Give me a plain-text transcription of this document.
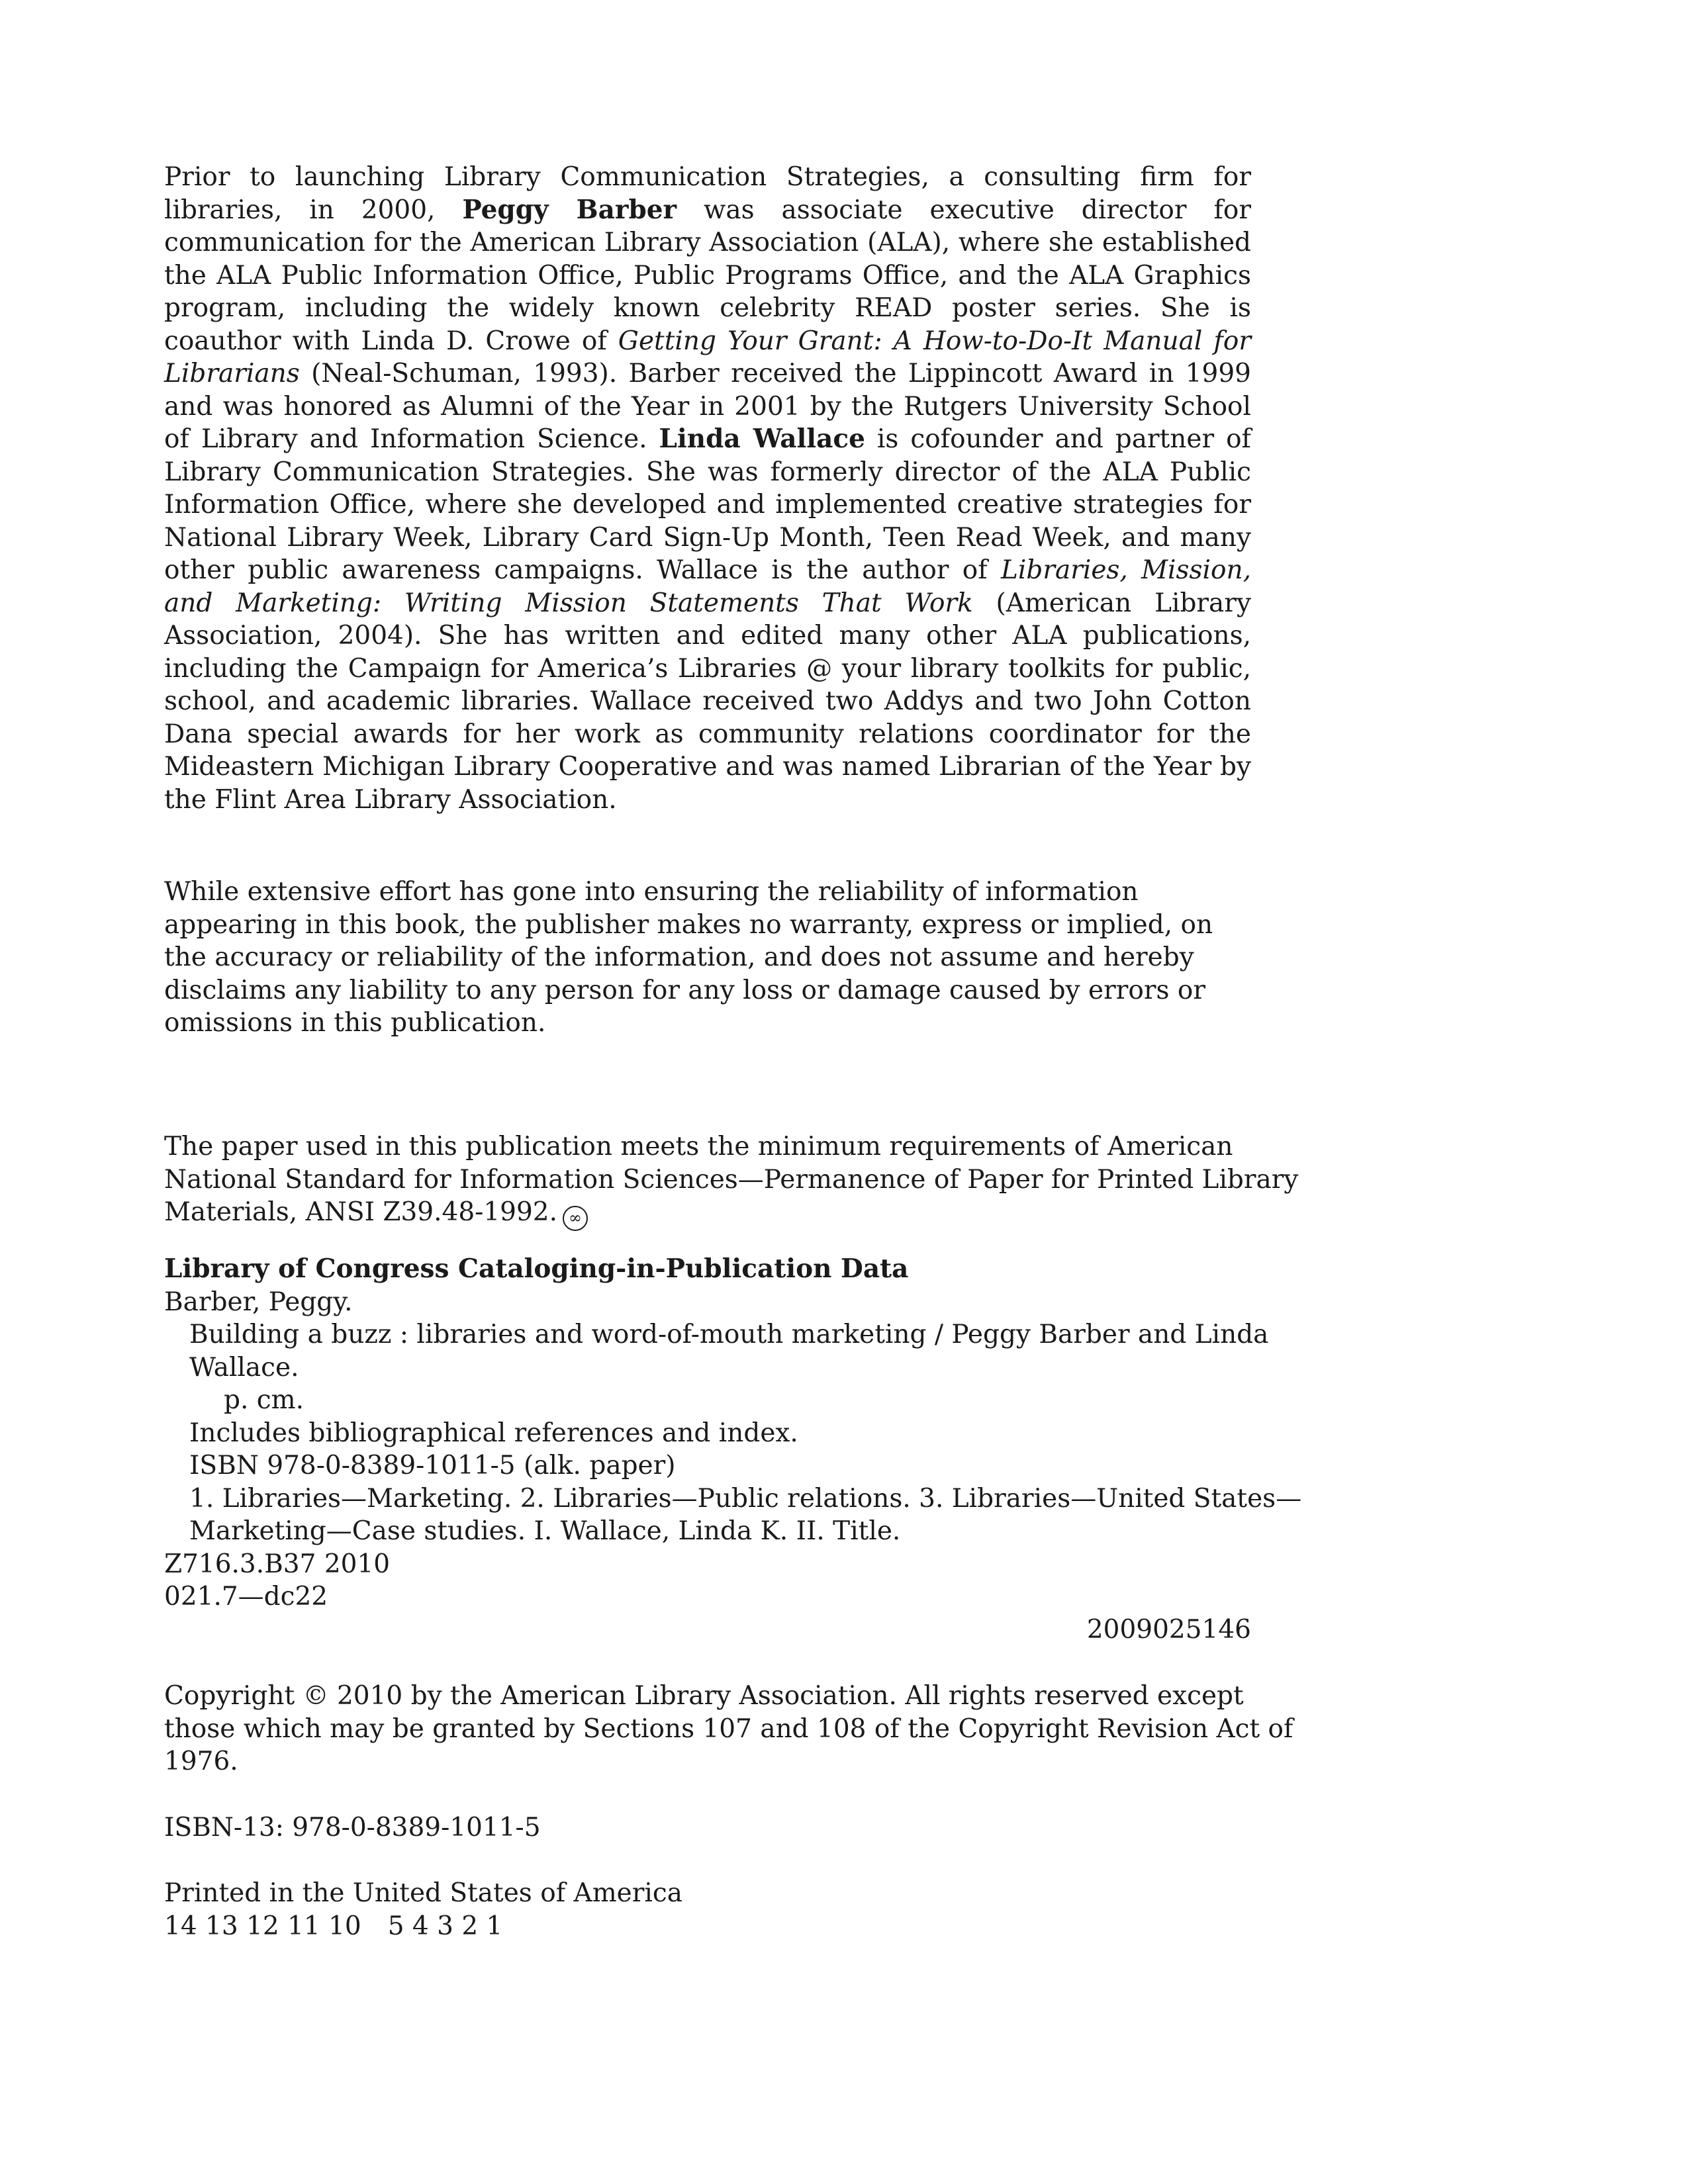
Prior to launching Library Communication Strategies, a consulting firm for libraries, in 2000, Peggy Barber was associate executive director for communication for the American Library Association (ALA), where she established the ALA Public Information Office, Public Programs Office, and the ALA Graphics program, including the widely known celebrity READ poster series. She is coauthor with Linda D. Crowe of Getting Your Grant: A How-to-Do-It Manual for Librarians (Neal-Schuman, 1993). Barber received the Lippincott Award in 1999 and was honored as Alumni of the Year in 2001 by the Rutgers University School of Library and Information Science. Linda Wallace is cofounder and partner of Library Communication Strategies. She was formerly director of the ALA Public Information Office, where she developed and implemented creative strategies for National Library Week, Library Card Sign-Up Month, Teen Read Week, and many other public awareness campaigns. Wallace is the author of Libraries, Mission, and Marketing: Writing Mission Statements That Work (American Library Association, 2004). She has written and edited many other ALA publications, including the Campaign for America’s Libraries @ your library toolkits for public, school, and academic libraries. Wallace received two Addys and two John Cotton Dana special awards for her work as community relations coordinator for the Mideastern Michigan Library Cooperative and was named Librarian of the Year by the Flint Area Library Association.

While extensive effort has gone into ensuring the reliability of information appearing in this book, the publisher makes no warranty, express or implied, on the accuracy or reliability of the information, and does not assume and hereby disclaims any liability to any person for any loss or damage caused by errors or omissions in this publication.

The paper used in this publication meets the minimum requirements of American
National Standard for Information Sciences—Permanence of Paper for Printed Library
Materials, ANSI Z39.48-1992. ∞
Library of Congress Cataloging-in-Publication Data
Barber, Peggy.
Building a buzz : libraries and word-of-mouth marketing / Peggy Barber and Linda
Wallace.
p. cm.
Includes bibliographical references and index.
ISBN 978-0-8389-1011-5 (alk. paper)
1. Libraries—Marketing. 2. Libraries—Public relations. 3. Libraries—United States—
Marketing—Case studies. I. Wallace, Linda K. II. Title.
Z716.3.B37 2010
021.7—dc22
2009025146
Copyright © 2010 by the American Library Association. All rights reserved except
those which may be granted by Sections 107 and 108 of the Copyright Revision Act of
1976.
ISBN-13: 978-0-8389-1011-5
Printed in the United States of America
14 13 12 11 10 5 4 3 2 1
